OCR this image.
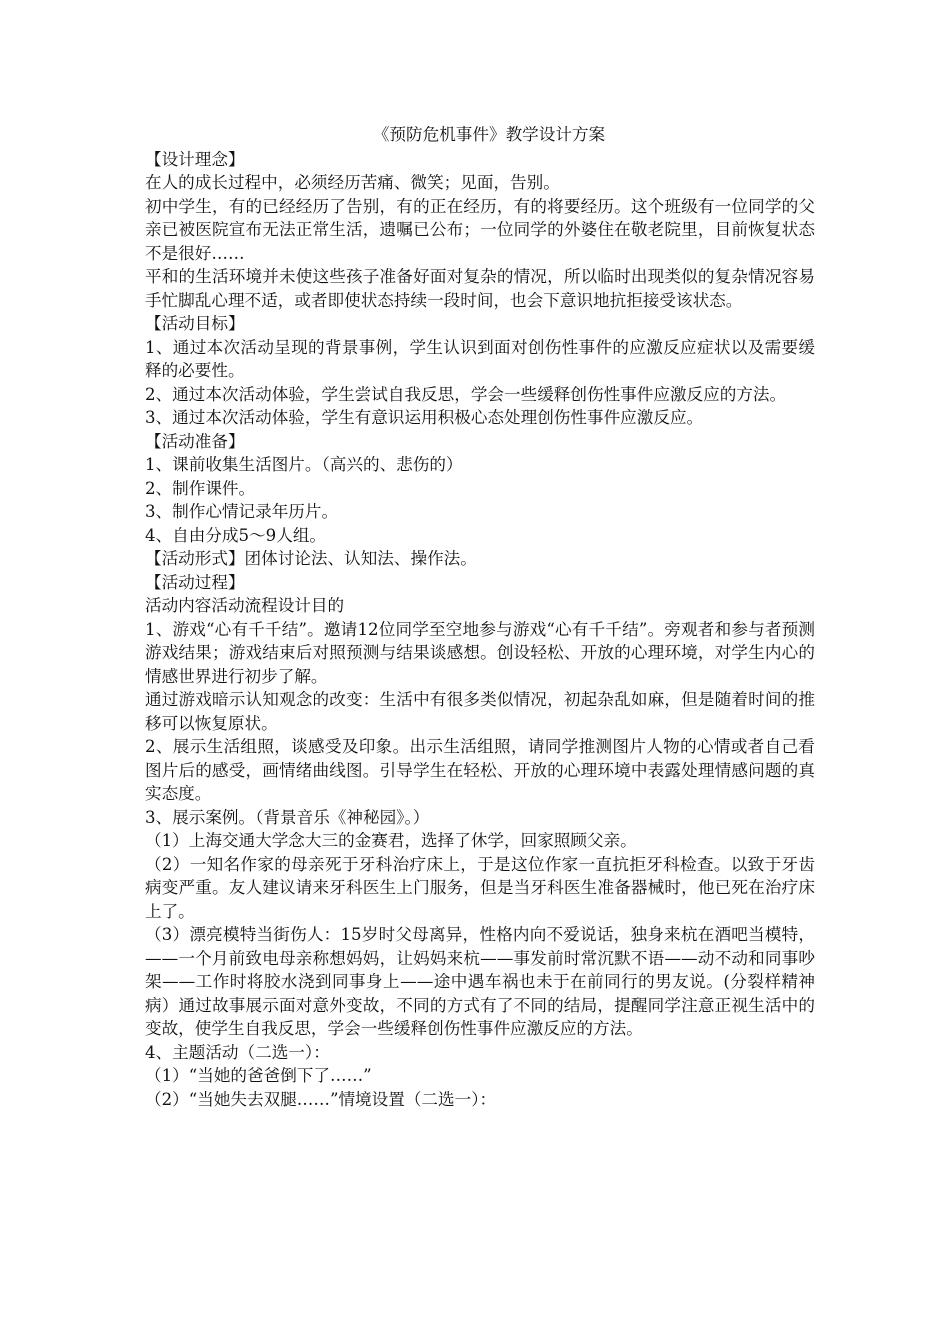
《预防危机事件》教学设计方案
【设计理念】
在人的成长过程中，必须经历苦痛、微笑；见面，告别。
初中学生，有的已经经历了告别，有的正在经历，有的将要经历。这个班级有一位同学的父亲已被医院宣布无法正常生活，遗嘱已公布；一位同学的外婆住在敬老院里，目前恢复状态不是很好……
平和的生活环境并未使这些孩子准备好面对复杂的情况，所以临时出现类似的复杂情况容易手忙脚乱心理不适，或者即使状态持续一段时间，也会下意识地抗拒接受该状态。
【活动目标】
1、通过本次活动呈现的背景事例，学生认识到面对创伤性事件的应激反应症状以及需要缓释的必要性。
2、通过本次活动体验，学生尝试自我反思，学会一些缓释创伤性事件应激反应的方法。
3、通过本次活动体验，学生有意识运用积极心态处理创伤性事件应激反应。
【活动准备】
1、课前收集生活图片。（高兴的、悲伤的）
2、制作课件。
3、制作心情记录年历片。
4、自由分成5～9人组。
【活动形式】团体讨论法、认知法、操作法。
【活动过程】
活动内容活动流程设计目的
1、游戏“心有千千结”。邀请12位同学至空地参与游戏“心有千千结”。旁观者和参与者预测游戏结果；游戏结束后对照预测与结果谈感想。创设轻松、开放的心理环境，对学生内心的情感世界进行初步了解。
通过游戏暗示认知观念的改变：生活中有很多类似情况，初起杂乱如麻，但是随着时间的推移可以恢复原状。
2、展示生活组照，谈感受及印象。出示生活组照，请同学推测图片人物的心情或者自己看图片后的感受，画情绪曲线图。引导学生在轻松、开放的心理环境中表露处理情感问题的真实态度。
3、展示案例。（背景音乐《神秘园》。）
（1）上海交通大学念大三的金赛君，选择了休学，回家照顾父亲。
（2）一知名作家的母亲死于牙科治疗床上，于是这位作家一直抗拒牙科检查。以致于牙齿病变严重。友人建议请来牙科医生上门服务，但是当牙科医生准备器械时，他已死在治疗床上了。
（3）漂亮模特当街伤人：15岁时父母离异，性格内向不爱说话，独身来杭在酒吧当模特，——一个月前致电母亲称想妈妈，让妈妈来杭——事发前时常沉默不语——动不动和同事吵架——工作时将胶水浇到同事身上——途中遇车祸也未于在前同行的男友说。(分裂样精神病）通过故事展示面对意外变故，不同的方式有了不同的结局，提醒同学注意正视生活中的变故，使学生自我反思，学会一些缓释创伤性事件应激反应的方法。
4、主题活动（二选一）：
（1）“当她的爸爸倒下了……”
（2）“当她失去双腿……”情境设置（二选一）：
